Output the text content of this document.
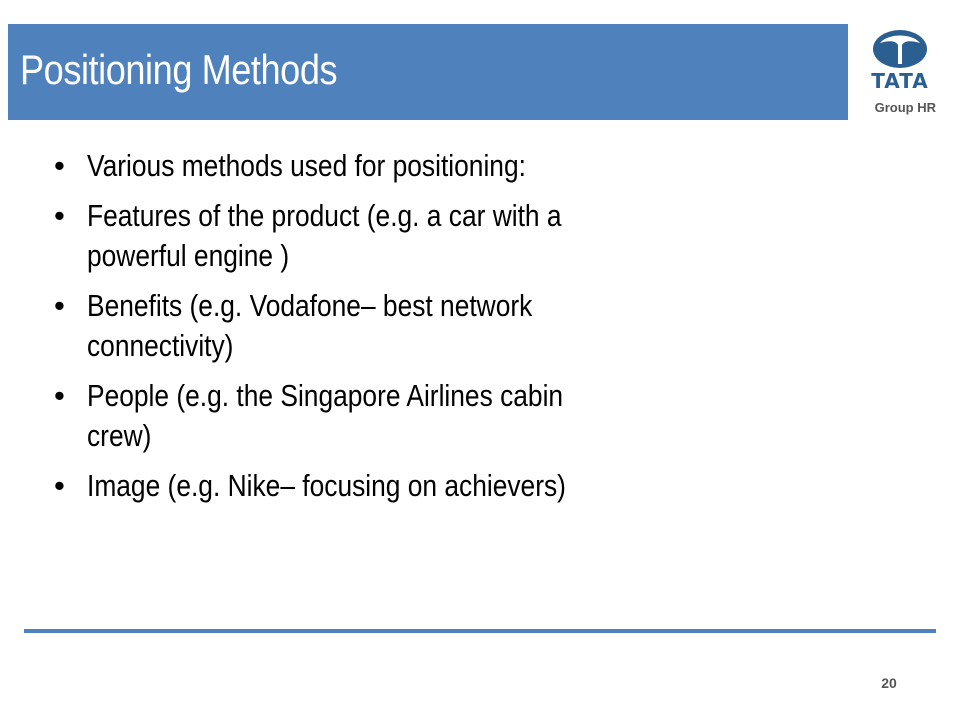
Positioning Methods	TATA
Group HR
• Various methods used for positioning:
• Features of the product (e.g. a car with a powerful engine )
• Benefits (e.g. Vodafone– best network connectivity)
• People (e.g. the Singapore Airlines cabin crew)
• Image (e.g. Nike– focusing on achievers)
20
